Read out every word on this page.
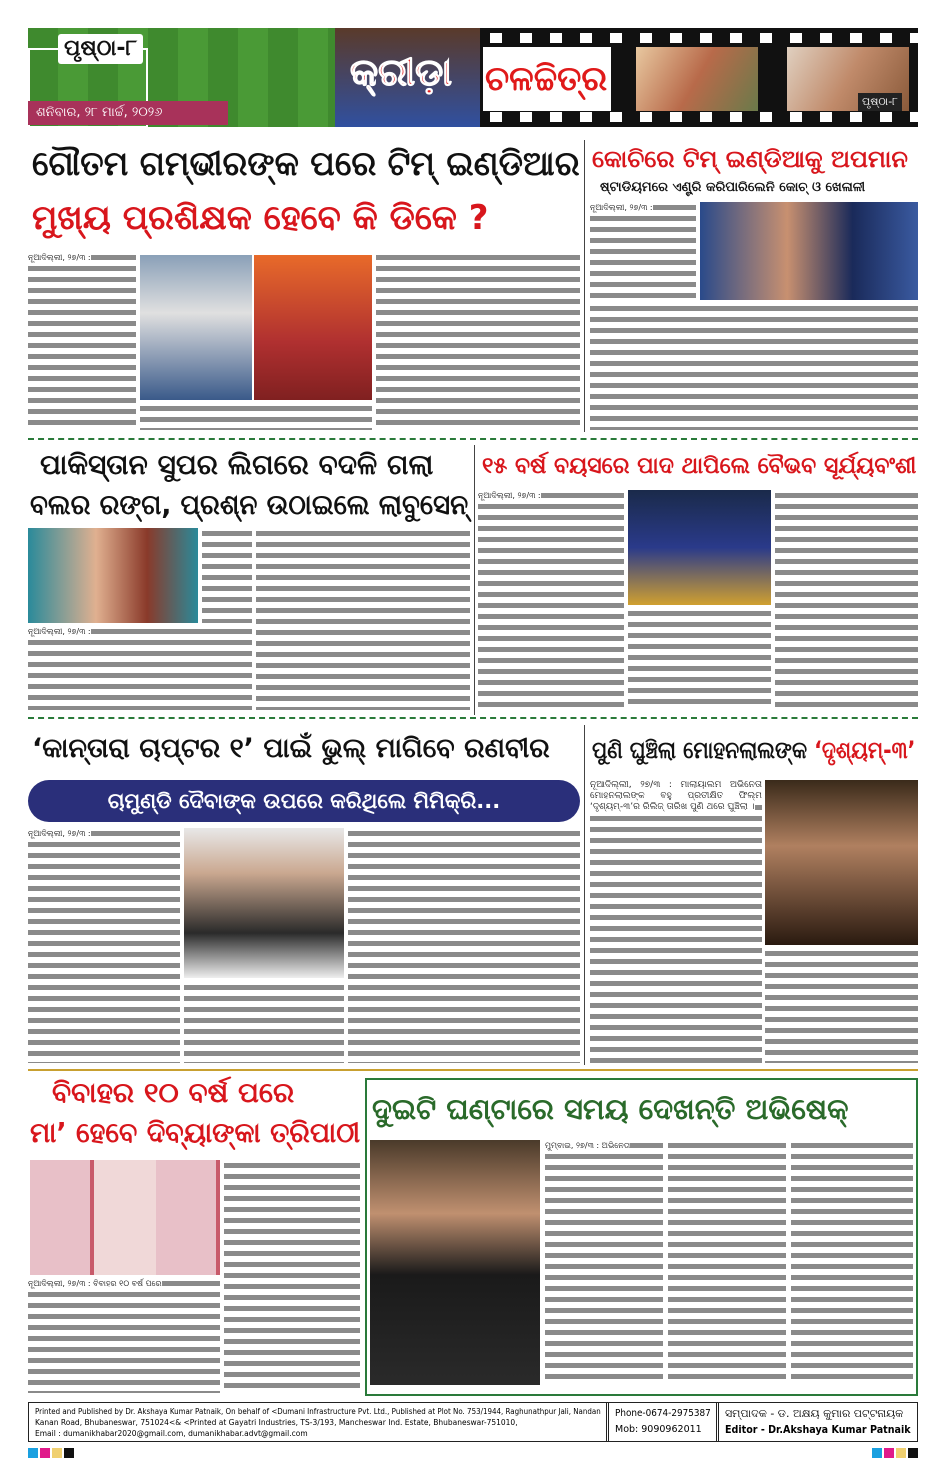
ପୃଷ୍ଠା-୮
ଶନିବାର, ୨୮ ମାର୍ଚ୍ଚ, ୨୦୨୬
କ୍ରୀଡ଼ା ଚଳଚ୍ଚିତ୍ର
ପୃଷ୍ଠା-୮
ଗୌତମ ଗମ୍ଭୀରଙ୍କ ପରେ ଟିମ୍ ଇଣ୍ଡିଆର
ମୁଖ୍ୟ ପ୍ରଶିକ୍ଷକ ହେବେ କି ଡିକେ ?
ନୂଆଦିଲ୍ଲୀ, ୨୭/୩ :
କୋଚିରେ ଟିମ୍ ଇଣ୍ଡିଆକୁ ଅପମାନ
ଷ୍ଟାଡିୟମରେ ଏଣ୍ଟ୍ରି କରିପାରିଲେନି କୋଚ୍ ଓ ଖେଳାଳୀ
ନୂଆଦିଲ୍ଲୀ, ୨୭/୩ :
ପାକିସ୍ତାନ ସୁପର ଲିଗରେ ବଦଳି ଗଲା
ବଲର ରଙ୍ଗ, ପ୍ରଶ୍ନ ଉଠାଇଲେ ଲାବୁସେନ୍
ନୂଆଦିଲ୍ଲୀ, ୨୭/୩ :
୧୫ ବର୍ଷ ବୟସରେ ପାଦ ଥାପିଲେ ବୈଭବ ସୂର୍ଯ୍ୟବଂଶୀ
ନୂଆଦିଲ୍ଲୀ, ୨୭/୩ :
‘କାନ୍ତାରା ଚାପ୍ଟର ୧’ ପାଇଁ ଭୁଲ୍ ମାଗିବେ ରଣବୀର
ଚାମୁଣ୍ଡି ଦୈବାଙ୍କ ଉପରେ କରିଥିଲେ ମିମିକ୍ରି...
ନୂଆଦିଲ୍ଲୀ, ୨୭/୩ :
ପୁଣି ଘୁଞ୍ଚିଲା ମୋହନଲାଲଙ୍କ ‘ଦୃଶ୍ୟମ୍-୩’
ନୂଆଦିଲ୍ଲୀ, ୨୭/୩ : ମାଲାୟାଲମ ଅଭିନେତା ମୋହନଲାଲଙ୍କ ବହୁ ପ୍ରତୀକ୍ଷିତ ଫିଲ୍ମ ‘ଦୃଶ୍ୟମ୍-୩’ର ରିଲିଜ୍ ତାରିଖ ପୁଣି ଥରେ ଘୁଞ୍ଚିଲା ।
ବିବାହର ୧୦ ବର୍ଷ ପରେ
ମା’ ହେବେ ଦିବ୍ୟାଙ୍କା ତ୍ରିପାଠୀ
ନୂଆଦିଲ୍ଲୀ, ୨୭/୩ : ବିବାହର ୧୦ ବର୍ଷ ପରେ
ଦୁଇଟି ଘଣ୍ଟାରେ ସମୟ ଦେଖନ୍ତି ଅଭିଷେକ୍
ମୁମ୍ବାଇ, ୨୭/୩ : ଅଭିନେତା
Printed and Published by Dr. Akshaya Kumar Patnaik, On behalf of <Dumani Infrastructure Pvt. Ltd., Published at Plot No. 753/1944, Raghunathpur Jali, Nandan
Kanan Road, Bhubaneswar, 751024<& <Printed at Gayatri Industries, TS-3/193, Mancheswar Ind. Estate, Bhubaneswar-751010,
Email : dumanikhabar2020@gmail.com, dumanikhabar.advt@gmail.com
Phone-0674-2975387
Mob: 9090962011
ସମ୍ପାଦକ - ଡ. ଅକ୍ଷୟ କୁମାର ପଟ୍ଟନାୟକ
Editor - Dr.Akshaya Kumar Patnaik
